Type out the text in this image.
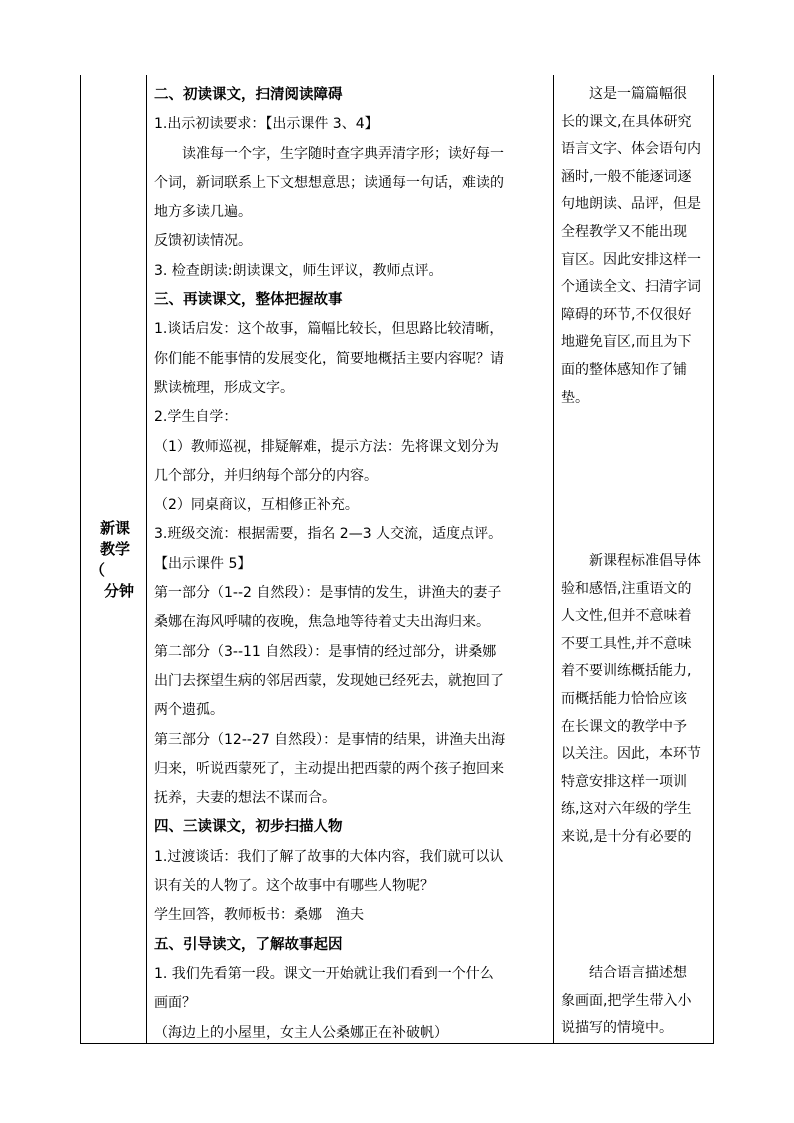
新课
教学
（
分钟
二、初读课文，扫清阅读障碍
1.出示初读要求：【出示课件 3、4】
　　读准每一个字，生字随时查字典弄清字形；读好每一
个词，新词联系上下文想想意思；读通每一句话，难读的
地方多读几遍。
反馈初读情况。
3. 检查朗读:朗读课文，师生评议，教师点评。
三、再读课文，整体把握故事
1.谈话启发：这个故事，篇幅比较长，但思路比较清晰，
你们能不能事情的发展变化，简要地概括主要内容呢？请
默读梳理，形成文字。
2.学生自学：
（1）教师巡视，排疑解难，提示方法：先将课文划分为
几个部分，并归纳每个部分的内容。
（2）同桌商议，互相修正补充。
3.班级交流：根据需要，指名 2—3 人交流，适度点评。
【出示课件 5】
第一部分（1--2 自然段）：是事情的发生，讲渔夫的妻子
桑娜在海风呼啸的夜晚，焦急地等待着丈夫出海归来。
第二部分（3--11 自然段）：是事情的经过部分，讲桑娜
出门去探望生病的邻居西蒙，发现她已经死去，就抱回了
两个遗孤。
第三部分（12--27 自然段）：是事情的结果，讲渔夫出海
归来，听说西蒙死了，主动提出把西蒙的两个孩子抱回来
抚养，夫妻的想法不谋而合。
四、三读课文，初步扫描人物
1.过渡谈话：我们了解了故事的大体内容，我们就可以认
识有关的人物了。这个故事中有哪些人物呢？
学生回答，教师板书：桑娜　渔夫
五、引导读文，了解故事起因
1. 我们先看第一段。课文一开始就让我们看到一个什么
画面？
（海边上的小屋里，女主人公桑娜正在补破帆）
　　这是一篇篇幅很
长的课文,在具体研究
语言文字、体会语句内
涵时,一般不能逐词逐
句地朗读、品评，但是
全程教学又不能出现
盲区。因此安排这样一
个通读全文、扫清字词
障碍的环节,不仅很好
地避免盲区,而且为下
面的整体感知作了铺
垫。
　　新课程标准倡导体
验和感悟,注重语文的
人文性,但并不意味着
不要工具性,并不意味
着不要训练概括能力,
而概括能力恰恰应该
在长课文的教学中予
以关注。因此，本环节
特意安排这样一项训
练,这对六年级的学生
来说,是十分有必要的
　　结合语言描述想
象画面,把学生带入小
说描写的情境中。
